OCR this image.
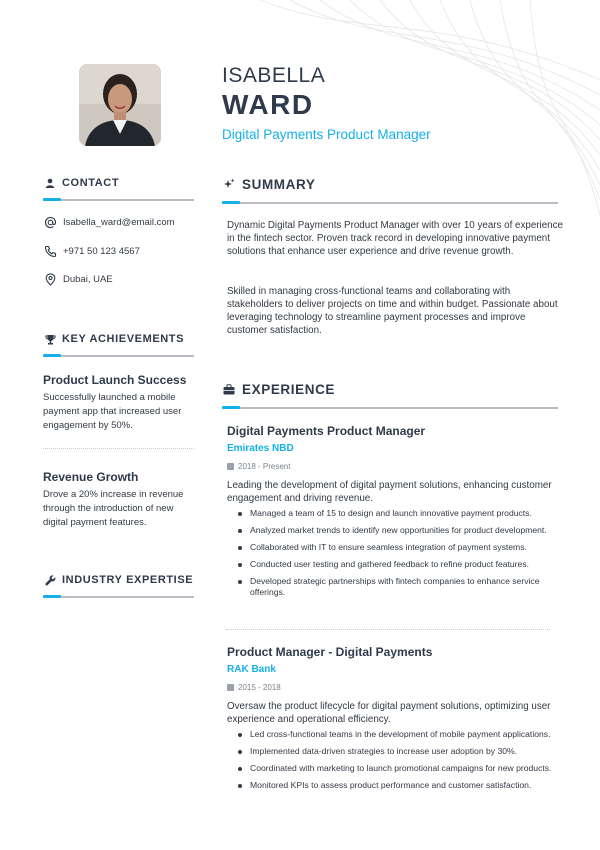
ISABELLA
WARD
Digital Payments Product Manager
CONTACT
Isabella_ward@email.com
+971 50 123 4567
Dubai, UAE
KEY ACHIEVEMENTS
Product Launch Success
Successfully launched a mobile payment app that increased user engagement by 50%.
Revenue Growth
Drove a 20% increase in revenue through the introduction of new digital payment features.
INDUSTRY EXPERTISE
SUMMARY

Dynamic Digital Payments Product Manager with over 10 years of experience in the fintech sector. Proven track record in developing innovative payment solutions that enhance user experience and drive revenue growth.

Skilled in managing cross-functional teams and collaborating with stakeholders to deliver projects on time and within budget. Passionate about leveraging technology to streamline payment processes and improve customer satisfaction.

EXPERIENCE
Digital Payments Product Manager
Emirates NBD
2018 - Present
Leading the development of digital payment solutions, enhancing customer engagement and driving revenue.
Managed a team of 15 to design and launch innovative payment products.
Analyzed market trends to identify new opportunities for product development.
Collaborated with IT to ensure seamless integration of payment systems.
Conducted user testing and gathered feedback to refine product features.
Developed strategic partnerships with fintech companies to enhance service offerings.
Product Manager - Digital Payments
RAK Bank
2015 - 2018
Oversaw the product lifecycle for digital payment solutions, optimizing user experience and operational efficiency.
Led cross-functional teams in the development of mobile payment applications.
Implemented data-driven strategies to increase user adoption by 30%.
Coordinated with marketing to launch promotional campaigns for new products.
Monitored KPIs to assess product performance and customer satisfaction.
